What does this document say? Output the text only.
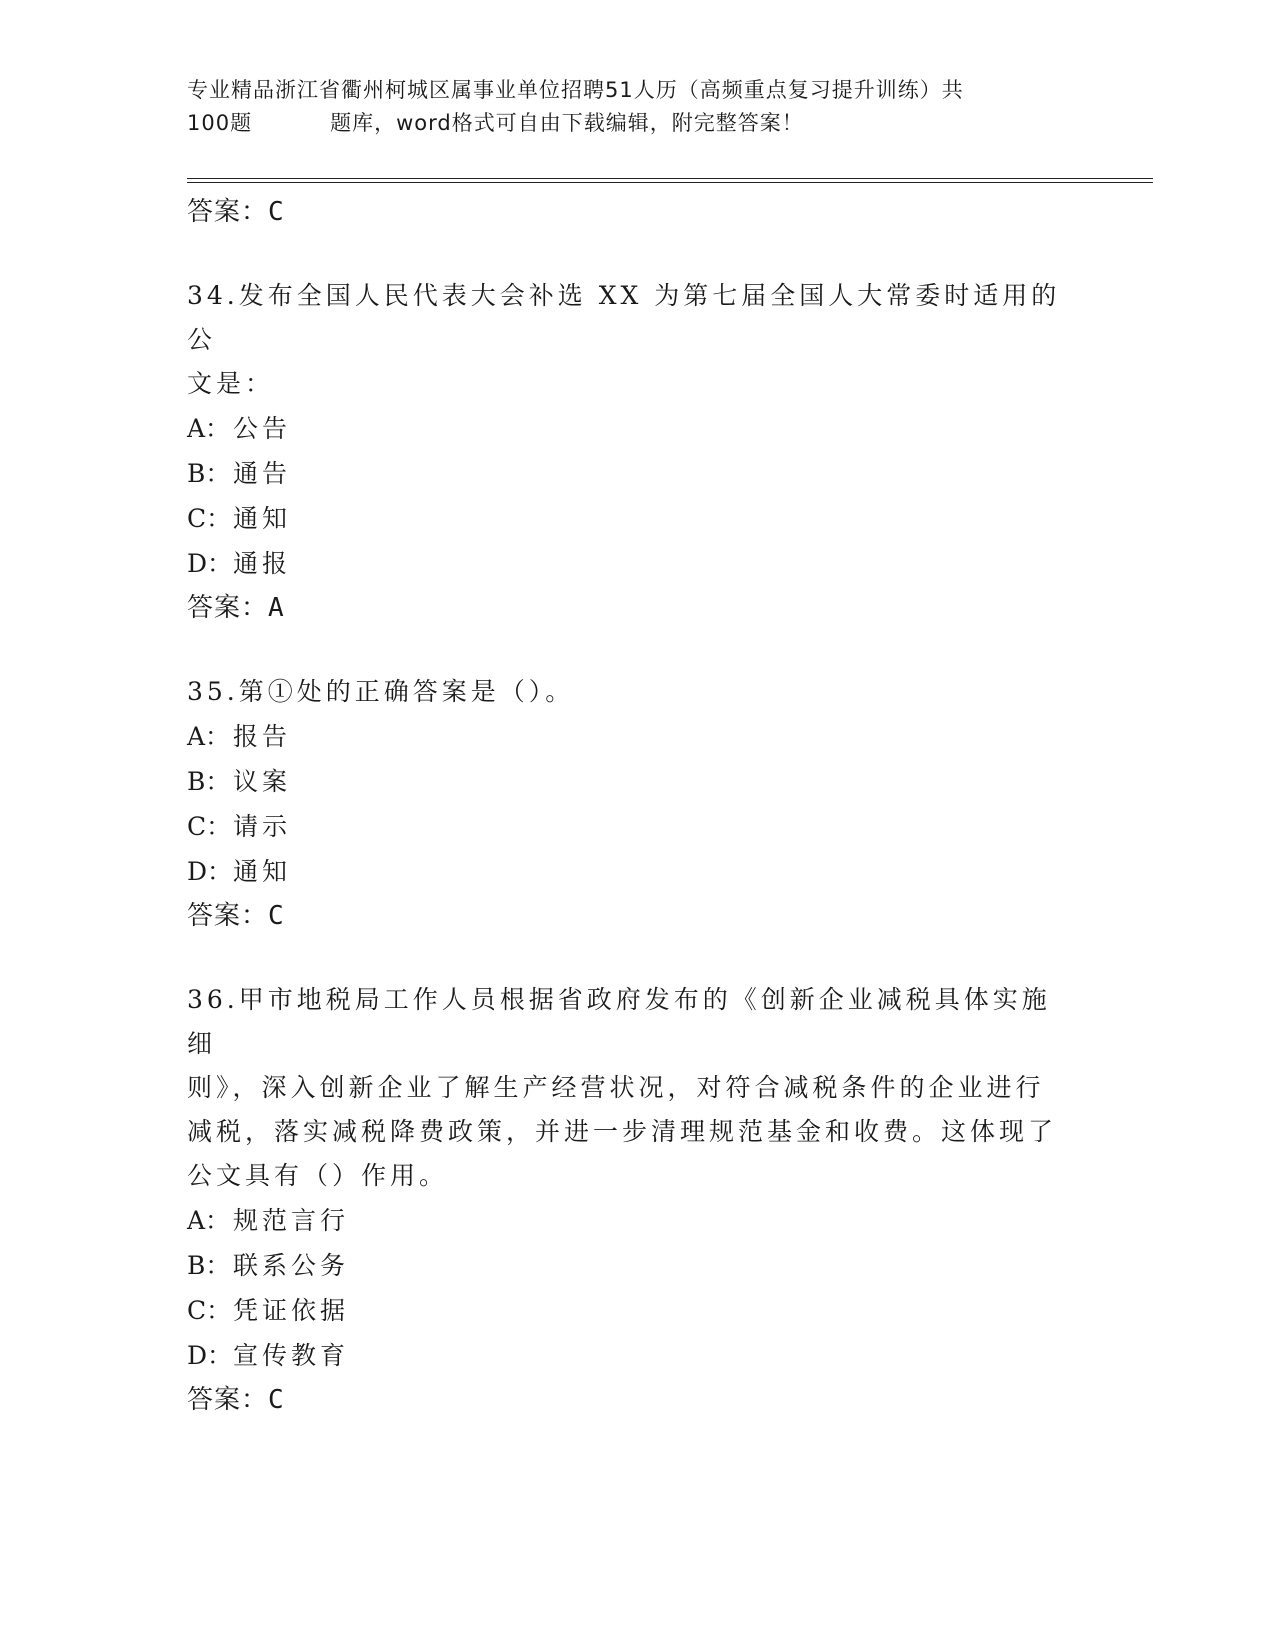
专业精品浙江省衢州柯城区属事业单位招聘51人历（高频重点复习提升训练）共
100题	题库，word格式可自由下载编辑，附完整答案！
答案：C
34.发布全国人民代表大会补选 XX 为第七届全国人大常委时适用的公
文是：
A： 公告
B： 通告
C：通知
D：通报
答案：A
35.第①处的正确答案是（）。
A： 报告
B： 议案
C：请示
D：通知
答案：C
36.甲市地税局工作人员根据省政府发布的《创新企业减税具体实施细
则》，深入创新企业了解生产经营状况，对符合减税条件的企业进行
减税，落实减税降费政策，并进一步清理规范基金和收费。这体现了
公文具有（）作用。
A： 规范言行
B： 联系公务
C：凭证依据
D：宣传教育
答案：C
